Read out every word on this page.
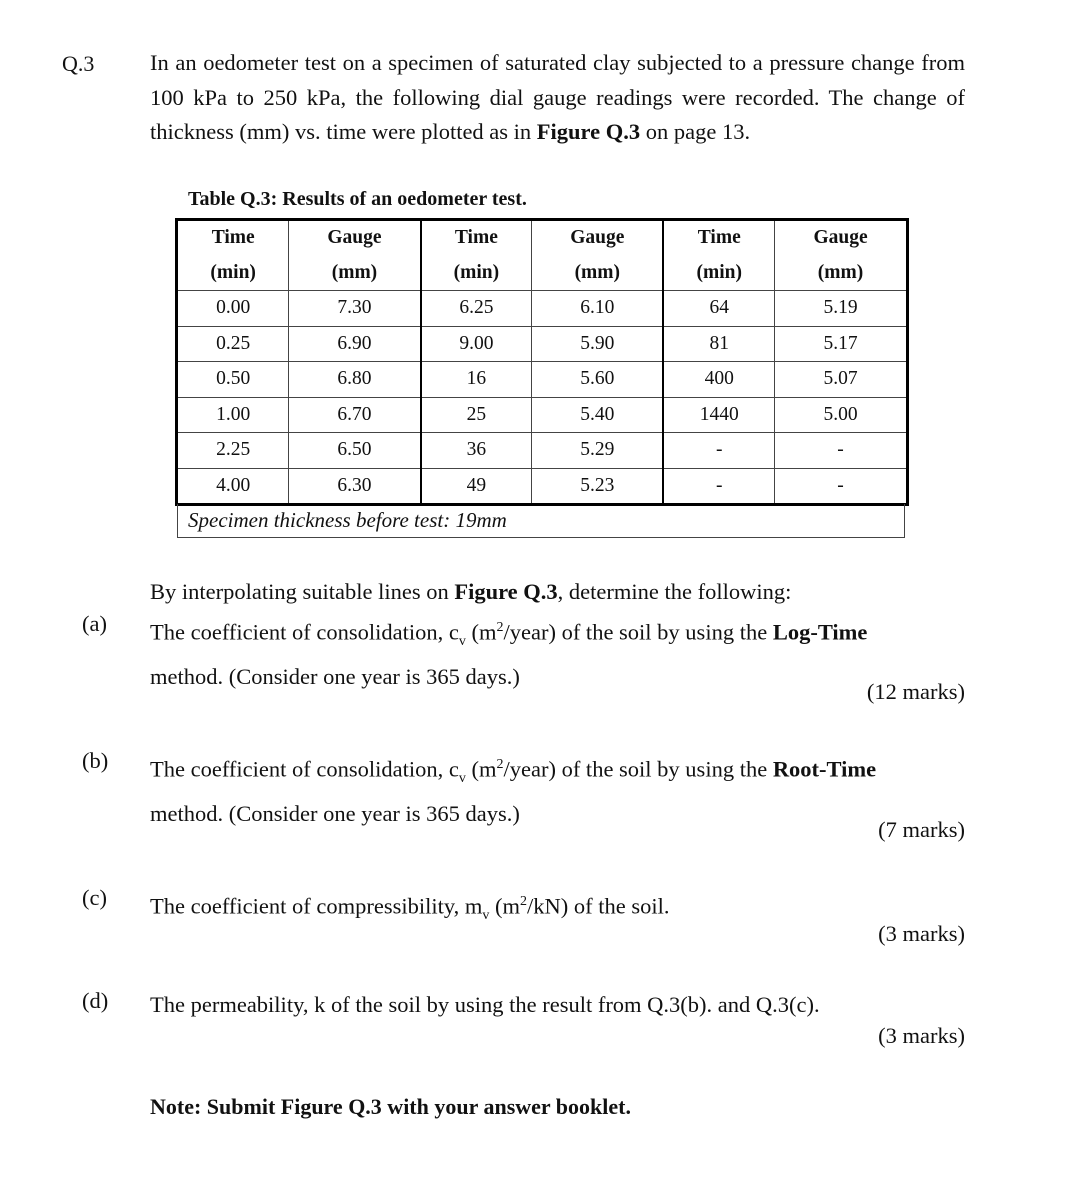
Q.3 In an oedometer test on a specimen of saturated clay subjected to a pressure change from 100 kPa to 250 kPa, the following dial gauge readings were recorded. The change of thickness (mm) vs. time were plotted as in Figure Q.3 on page 13.
Table Q.3: Results of an oedometer test.
Time	Gauge	Time	Gauge	Time	Gauge
(min)	(mm)	(min)	(mm)	(min)	(mm)
0.00	7.30	6.25	6.10	64	5.19
0.25	6.90	9.00	5.90	81	5.17
0.50	6.80	16	5.60	400	5.07
1.00	6.70	25	5.40	1440	5.00
2.25	6.50	36	5.29	-	-
4.00	6.30	49	5.23	-	-
Specimen thickness before test: 19mm
By interpolating suitable lines on Figure Q.3, determine the following:
(a) The coefficient of consolidation, $c_v$ $(m^2/year)$ of the soil by using the Log-Time
method. (Consider one year is 365 days.)
(12 marks)
(b) The coefficient of consolidation, $c_v$ $(m^2/year)$ of the soil by using the Root-Time
method. (Consider one year is 365 days.)
(7 marks)
(c) The coefficient of compressibility, $m_v$ $(m^2/kN)$ of the soil.
(3 marks)
(d) The permeability, k of the soil by using the result from Q.3(b). and Q.3(c).
(3 marks)
Note: Submit Figure Q.3 with your answer booklet.
